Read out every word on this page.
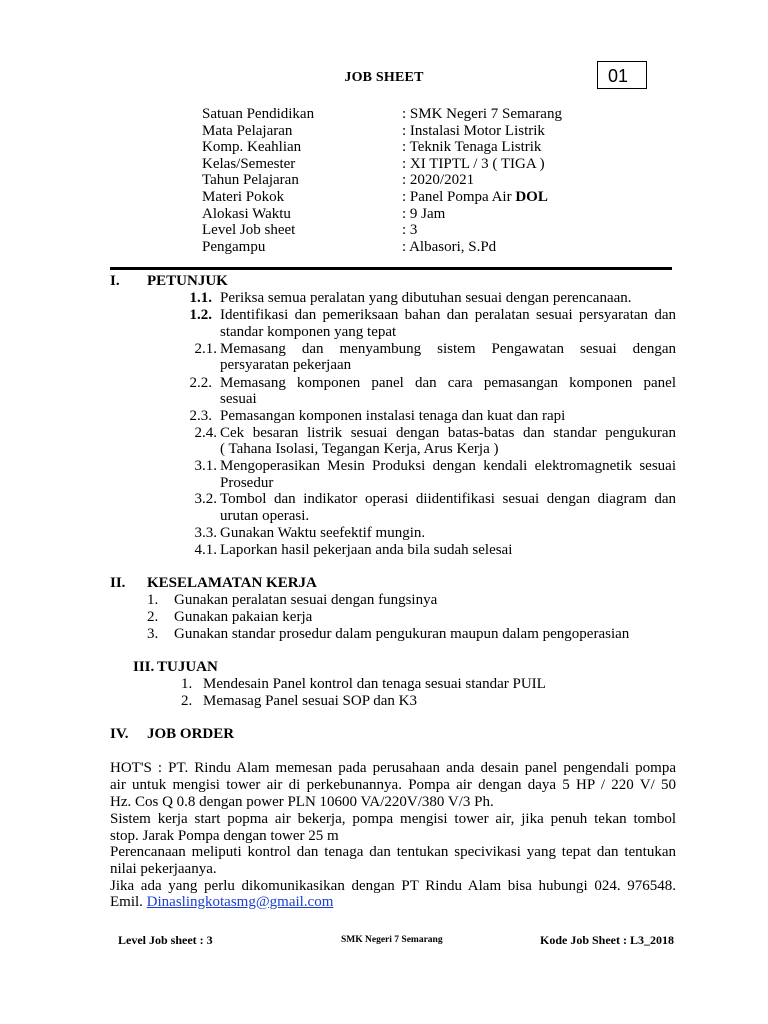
JOB SHEET	01
Satuan Pendidikan	: SMK Negeri 7 Semarang
Mata Pelajaran	: Instalasi Motor Listrik
Komp. Keahlian	: Teknik Tenaga Listrik
Kelas/Semester	: XI TIPTL / 3 ( TIGA )
Tahun Pelajaran	: 2020/2021
Materi Pokok	: Panel Pompa Air DOL
Alokasi Waktu	: 9 Jam
Level Job sheet	: 3
Pengampu	: Albasori, S.Pd
I. PETUNJUK
1.1. Periksa semua peralatan yang dibutuhan sesuai dengan perencanaan.
1.2. Identifikasi dan pemeriksaan bahan dan peralatan sesuai persyaratan dan
standar komponen yang tepat
2.1. Memasang dan menyambung sistem Pengawatan sesuai dengan
persyaratan pekerjaan
2.2. Memasang komponen panel dan cara pemasangan komponen panel
sesuai
2.3. Pemasangan komponen instalasi tenaga dan kuat dan rapi
2.4. Cek besaran listrik sesuai dengan batas-batas dan standar pengukuran
( Tahana Isolasi, Tegangan Kerja, Arus Kerja )
3.1. Mengoperasikan Mesin Produksi dengan kendali elektromagnetik sesuai
Prosedur
3.2. Tombol dan indikator operasi diidentifikasi sesuai dengan diagram dan
urutan operasi.
3.3. Gunakan Waktu seefektif mungin.
4.1. Laporkan hasil pekerjaan anda bila sudah selesai
II. KESELAMATAN KERJA
1. Gunakan peralatan sesuai dengan fungsinya
2. Gunakan pakaian kerja
3. Gunakan standar prosedur dalam pengukuran maupun dalam pengoperasian
III. TUJUAN
1. Mendesain Panel kontrol dan tenaga sesuai standar PUIL
2. Memasag Panel sesuai SOP dan K3
IV. JOB ORDER
HOT'S : PT. Rindu Alam memesan pada perusahaan anda desain panel pengendali pompa
air untuk mengisi tower air di perkebunannya. Pompa air dengan daya 5 HP / 220 V/ 50
Hz. Cos Q 0.8 dengan power PLN 10600 VA/220V/380 V/3 Ph.
Sistem kerja start popma air bekerja, pompa mengisi tower air, jika penuh tekan tombol
stop. Jarak Pompa dengan tower 25 m
Perencanaan meliputi kontrol dan tenaga dan tentukan specivikasi yang tepat dan tentukan
nilai pekerjaanya.
Jika ada yang perlu dikomunikasikan dengan PT Rindu Alam bisa hubungi 024. 976548.
Emil. Dinaslingkotasmg@gmail.com
Level Job sheet : 3	SMK Negeri 7 Semarang	Kode Job Sheet : L3_2018
